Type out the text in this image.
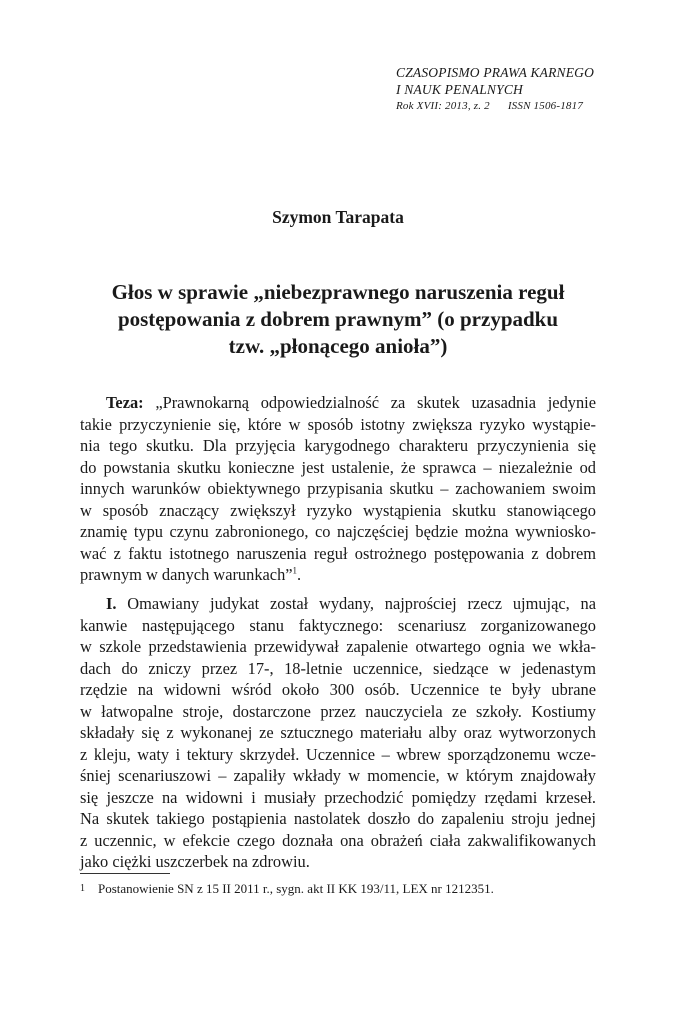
CZASOPISMO PRAWA KARNEGO
I NAUK PENALNYCH
Rok XVII: 2013, z. 2 ISSN 1506-1817
Szymon Tarapata
Głos w sprawie „niebezprawnego naruszenia reguł
postępowania z dobrem prawnym” (o przypadku
tzw. „płonącego anioła”)
Teza: „Prawnokarną odpowiedzialność za skutek uzasadnia jedynie
takie przyczynienie się, które w sposób istotny zwiększa ryzyko wystąpie-
nia tego skutku. Dla przyjęcia karygodnego charakteru przyczynienia się
do powstania skutku konieczne jest ustalenie, że sprawca – niezależnie od
innych warunków obiektywnego przypisania skutku – zachowaniem swoim
w sposób znaczący zwiększył ryzyko wystąpienia skutku stanowiącego
znamię typu czynu zabronionego, co najczęściej będzie można wywniosko-
wać z faktu istotnego naruszenia reguł ostrożnego postępowania z dobrem
prawnym w danych warunkach”$^1$.
I. Omawiany judykat został wydany, najprościej rzecz ujmując, na
kanwie następującego stanu faktycznego: scenariusz zorganizowanego
w szkole przedstawienia przewidywał zapalenie otwartego ognia we wkła-
dach do zniczy przez 17-, 18-letnie uczennice, siedzące w jedenastym
rzędzie na widowni wśród około 300 osób. Uczennice te były ubrane
w łatwopalne stroje, dostarczone przez nauczyciela ze szkoły. Kostiumy
składały się z wykonanej ze sztucznego materiału alby oraz wytworzonych
z kleju, waty i tektury skrzydeł. Uczennice – wbrew sporządzonemu wcze-
śniej scenariuszowi – zapaliły wkłady w momencie, w którym znajdowały
się jeszcze na widowni i musiały przechodzić pomiędzy rzędami krzeseł.
Na skutek takiego postąpienia nastolatek doszło do zapaleniu stroju jednej
z uczennic, w efekcie czego doznała ona obrażeń ciała zakwalifikowanych
jako ciężki uszczerbek na zdrowiu.
1 Postanowienie SN z 15 II 2011 r., sygn. akt II KK 193/11, LEX nr 1212351.
